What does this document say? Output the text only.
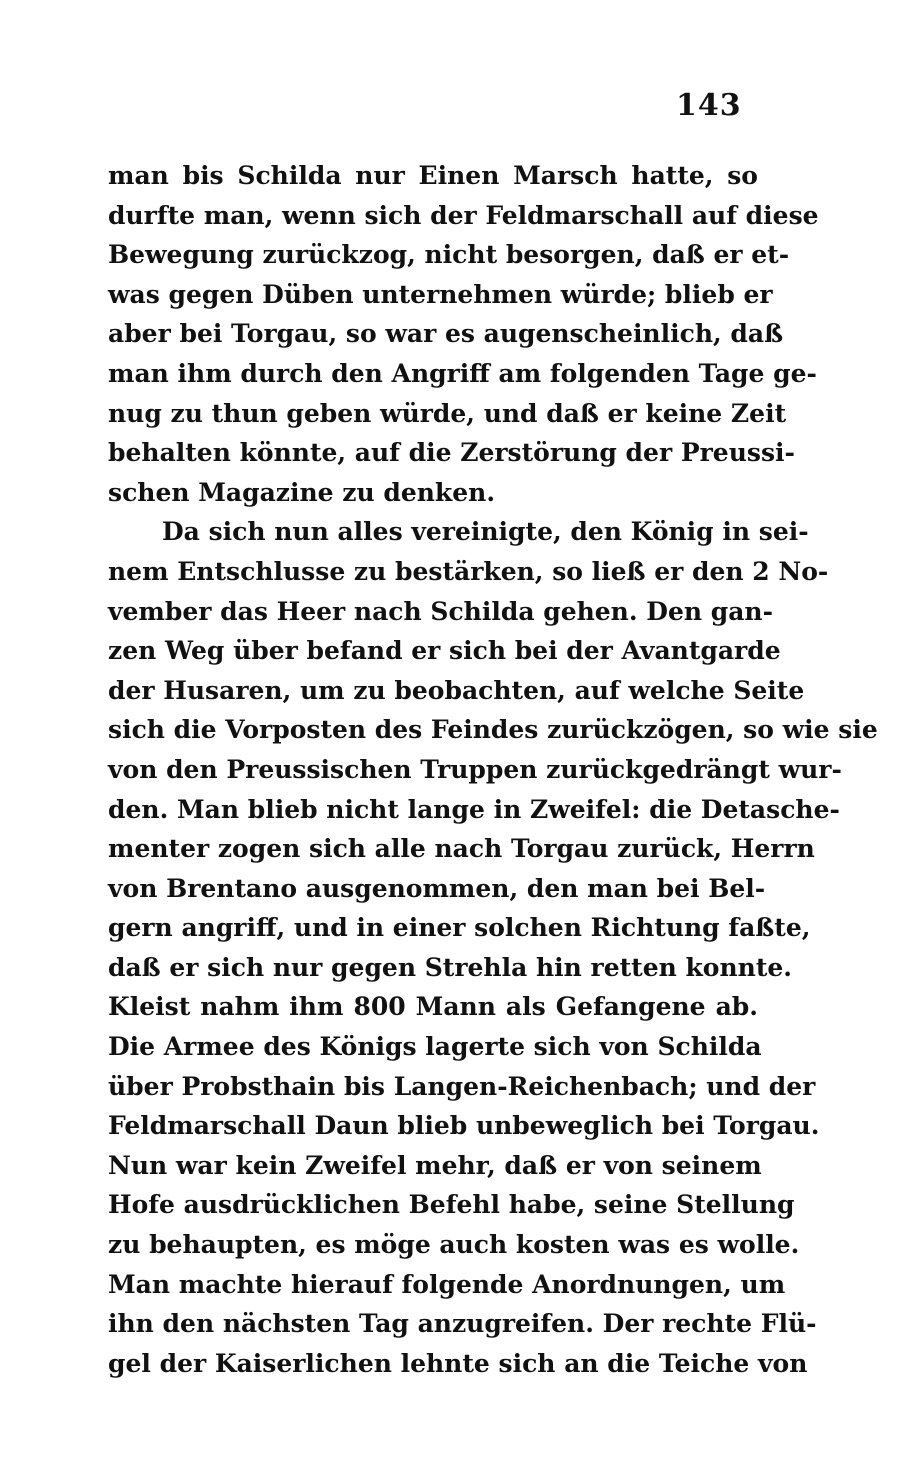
143
man bis Schilda nur Einen Marsch hatte, so
durfte man, wenn sich der Feldmarschall auf diese
Bewegung zurückzog, nicht besorgen, daß er et-
was gegen Düben unternehmen würde; blieb er
aber bei Torgau, so war es augenscheinlich, daß
man ihm durch den Angriff am folgenden Tage ge-
nug zu thun geben würde, und daß er keine Zeit
behalten könnte, auf die Zerstörung der Preussi-
schen Magazine zu denken.
Da sich nun alles vereinigte, den König in sei-
nem Entschlusse zu bestärken, so ließ er den 2 No-
vember das Heer nach Schilda gehen. Den gan-
zen Weg über befand er sich bei der Avantgarde
der Husaren, um zu beobachten, auf welche Seite
sich die Vorposten des Feindes zurückzögen, so wie sie
von den Preussischen Truppen zurückgedrängt wur-
den. Man blieb nicht lange in Zweifel: die Detasche-
menter zogen sich alle nach Torgau zurück, Herrn
von Brentano ausgenommen, den man bei Bel-
gern angriff, und in einer solchen Richtung faßte,
daß er sich nur gegen Strehla hin retten konnte.
Kleist nahm ihm 800 Mann als Gefangene ab.
Die Armee des Königs lagerte sich von Schilda
über Probsthain bis Langen-Reichenbach; und der
Feldmarschall Daun blieb unbeweglich bei Torgau.
Nun war kein Zweifel mehr, daß er von seinem
Hofe ausdrücklichen Befehl habe, seine Stellung
zu behaupten, es möge auch kosten was es wolle.
Man machte hierauf folgende Anordnungen, um
ihn den nächsten Tag anzugreifen. Der rechte Flü-
gel der Kaiserlichen lehnte sich an die Teiche von
